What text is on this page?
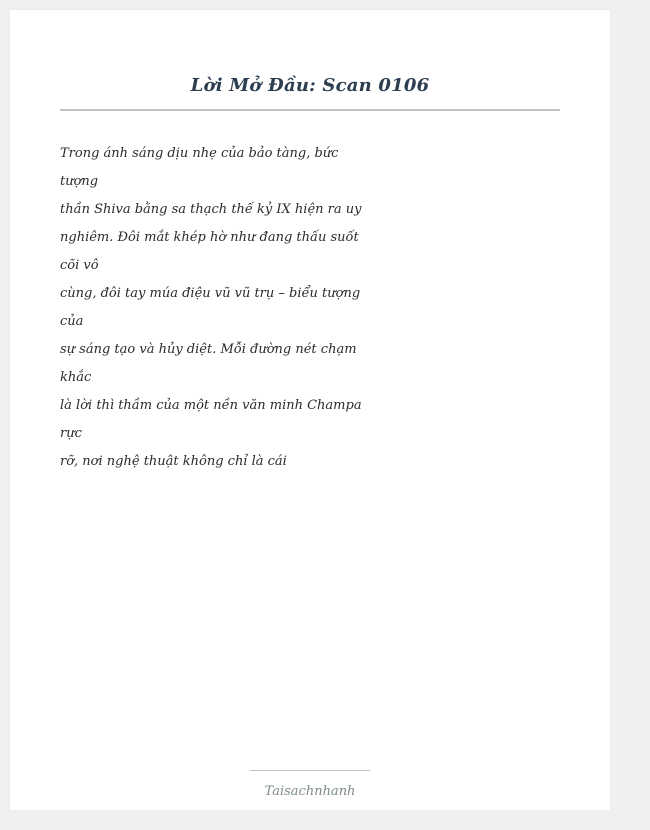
Lời Mở Đầu: Scan 0106
Trong ánh sáng dịu nhẹ của bảo tàng, bức
tượng
thần Shiva bằng sa thạch thế kỷ IX hiện ra uy
nghiêm. Đôi mắt khép hờ như đang thấu suốt
cõi vô
cùng, đôi tay múa điệu vũ vũ trụ – biểu tượng
của
sự sáng tạo và hủy diệt. Mỗi đường nét chạm
khắc
là lời thì thầm của một nền văn minh Champa
rực
rỡ, nơi nghệ thuật không chỉ là cái
Taisachnhanh
